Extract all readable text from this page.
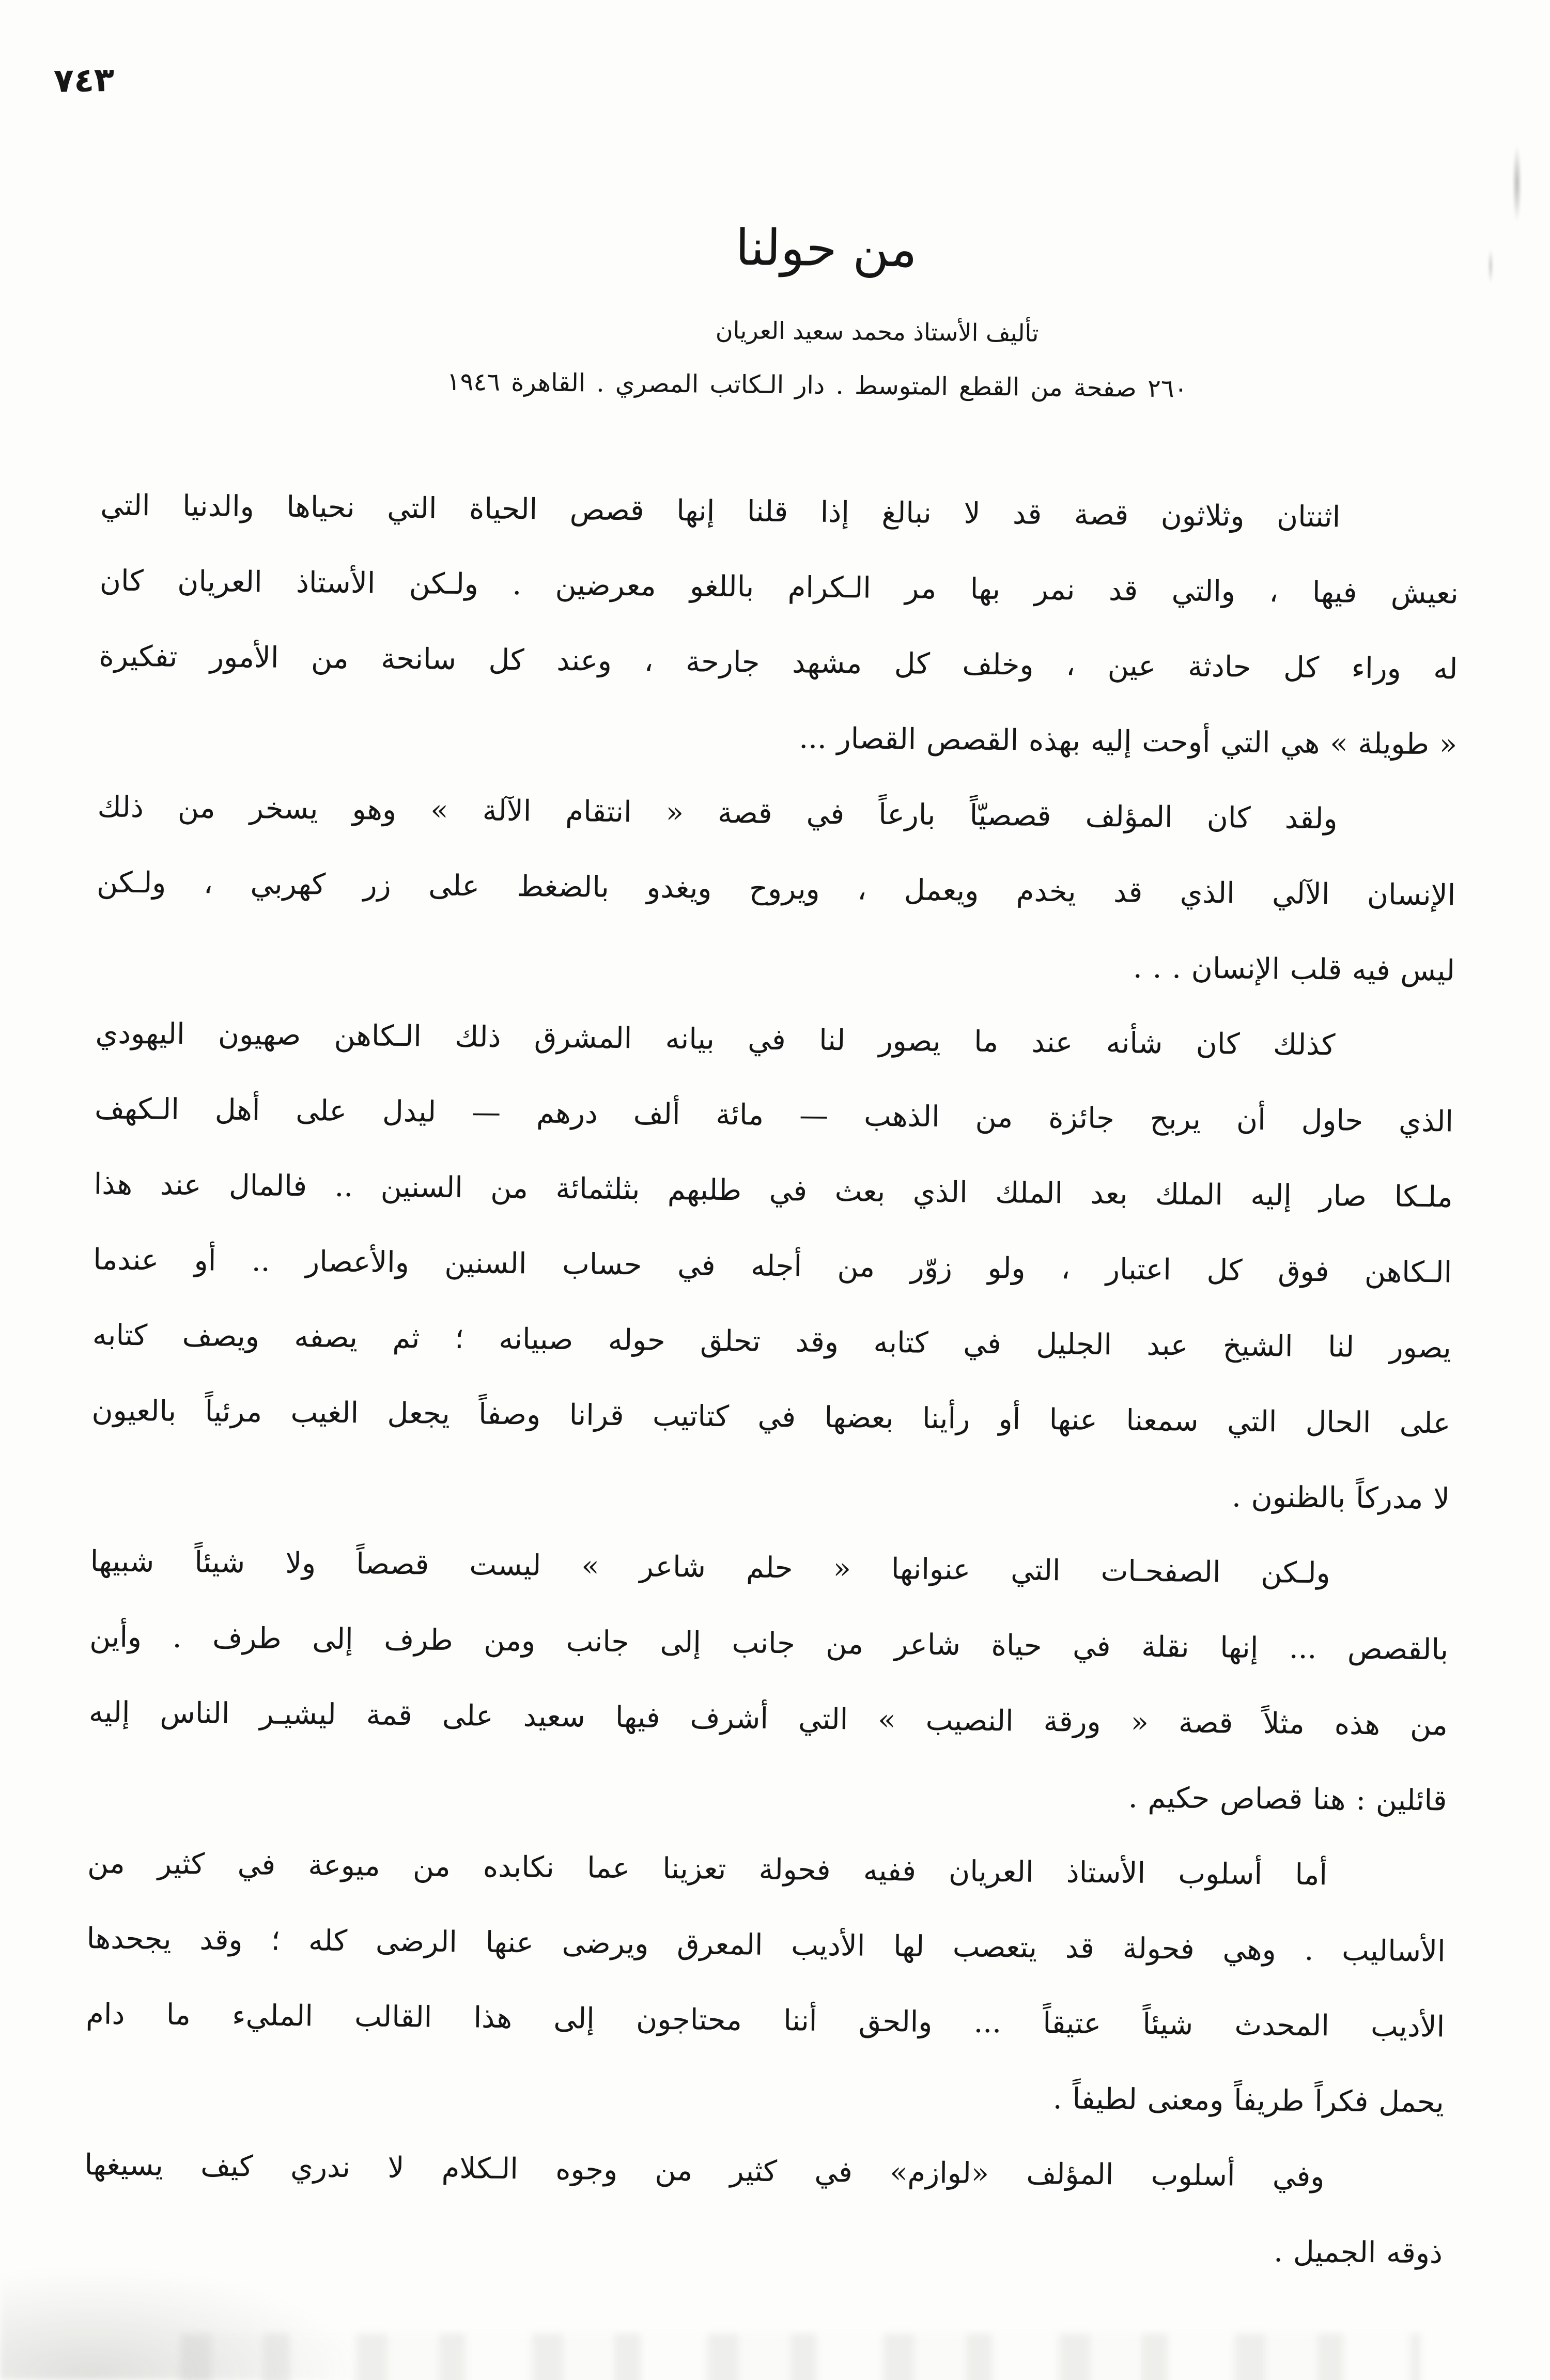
٧٤٣
من حولنا
تأليف الأستاذ محمد سعيد العريان
٢٦٠ صفحة من القطع المتوسط . دار الـكاتب المصري . القاهرة ١٩٤٦
اثنتان وثلاثون قصة قد لا نبالغ إذا قلنا إنها قصص الحياة التي نحياها والدنيا التي
نعيش فيها ، والتي قد نمر بها مر الـكرام باللغو معرضين . ولـكن الأستاذ العريان كان
له وراء كل حادثة عين ، وخلف كل مشهد جارحة ، وعند كل سانحة من الأمور تفكيرة
« طويلة » هي التي أوحت إليه بهذه القصص القصار ...
ولقد كان المؤلف قصصيّاً بارعاً في قصة « انتقام الآلة » وهو يسخر من ذلك
الإنسان الآلي الذي قد يخدم ويعمل ، ويروح ويغدو بالضغط على زر كهربي ، ولـكن
ليس فيه قلب الإنسان . . .
كذلك كان شأنه عند ما يصور لنا في بيانه المشرق ذلك الـكاهن صهيون اليهودي
الذي حاول أن يربح جائزة من الذهب — مائة ألف درهم — ليدل على أهل الـكهف
ملـكا صار إليه الملك بعد الملك الذي بعث في طلبهم بثلثمائة من السنين .. فالمال عند هذا
الـكاهن فوق كل اعتبار ، ولو زوّر من أجله في حساب السنين والأعصار .. أو عندما
يصور لنا الشيخ عبد الجليل في كتابه وقد تحلق حوله صبيانه ؛ ثم يصفه ويصف كتابه
على الحال التي سمعنا عنها أو رأينا بعضها في كتاتيب قرانا وصفاً يجعل الغيب مرئياً بالعيون
لا مدركاً بالظنون .
ولـكن الصفحـات التي عنوانها « حلم شاعر » ليست قصصاً ولا شيئاً شبيها
بالقصص ... إنها نقلة في حياة شاعر من جانب إلى جانب ومن طرف إلى طرف . وأين
من هذه مثلاً قصة « ورقة النصيب » التي أشرف فيها سعيد على قمة ليشيـر الناس إليه
قائلين : هنا قصاص حكيم .
أما أسلوب الأستاذ العريان ففيه فحولة تعزينا عما نكابده من ميوعة في كثير من
الأساليب . وهي فحولة قد يتعصب لها الأديب المعرق ويرضى عنها الرضى كله ؛ وقد يجحدها
الأديب المحدث شيئاً عتيقاً ... والحق أننا محتاجون إلى هذا القالب المليء ما دام
يحمل فكراً طريفاً ومعنى لطيفاً .
وفي أسلوب المؤلف «لوازم» في كثير من وجوه الـكلام لا ندري كيف يسيغها
ذوقه الجميل .
